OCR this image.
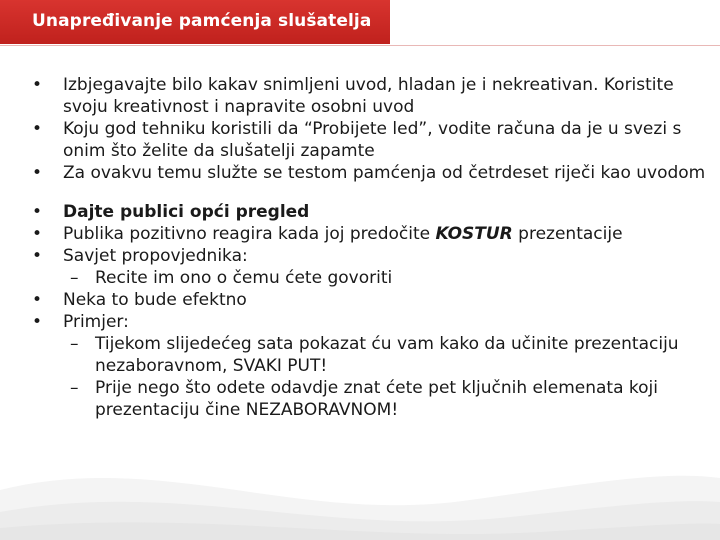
Unapređivanje pamćenja slušatelja
• Izbjegavajte bilo kakav snimljeni uvod, hladan je i nekreativan. Koristite svoju kreativnost i napravite osobni uvod
• Koju god tehniku koristili da “Probijete led”, vodite računa da je u svezi s onim što želite da slušatelji zapamte
• Za ovakvu temu služte se testom pamćenja od četrdeset riječi kao uvodom
• Dajte publici opći pregled
• Publika pozitivno reagira kada joj predočite KOSTUR prezentacije
• Savjet propovjednika:
– Recite im ono o čemu ćete govoriti
• Neka to bude efektno
• Primjer:
– Tijekom slijedećeg sata pokazat ću vam kako da učinite prezentaciju nezaboravnom, SVAKI PUT!
– Prije nego što odete odavdje znat ćete pet ključnih elemenata koji prezentaciju čine NEZABORAVNOM!
